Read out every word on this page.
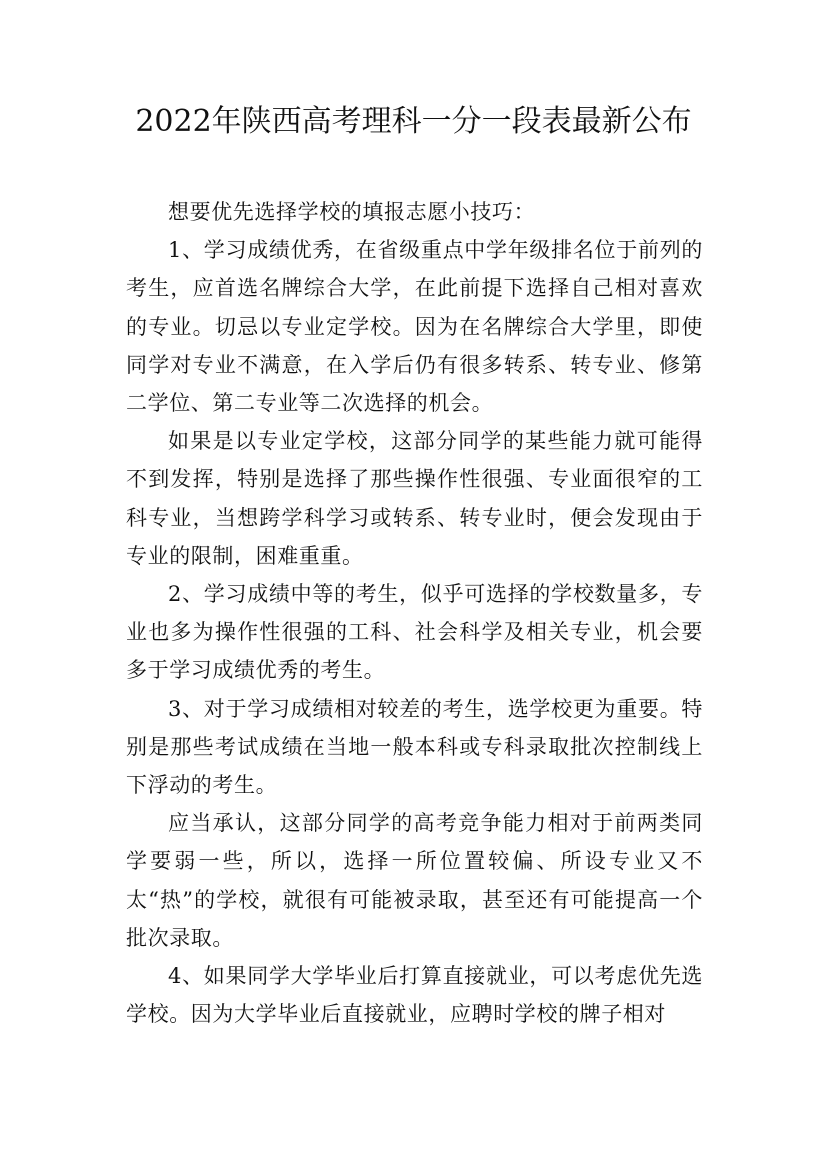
2022年陕西高考理科一分一段表最新公布

想要优先选择学校的填报志愿小技巧：

1、学习成绩优秀，在省级重点中学年级排名位于前列的考生，应首选名牌综合大学，在此前提下选择自己相对喜欢的专业。切忌以专业定学校。因为在名牌综合大学里，即使同学对专业不满意，在入学后仍有很多转系、转专业、修第二学位、第二专业等二次选择的机会。

如果是以专业定学校，这部分同学的某些能力就可能得不到发挥，特别是选择了那些操作性很强、专业面很窄的工科专业，当想跨学科学习或转系、转专业时，便会发现由于专业的限制，困难重重。

2、学习成绩中等的考生，似乎可选择的学校数量多，专业也多为操作性很强的工科、社会科学及相关专业，机会要多于学习成绩优秀的考生。

3、对于学习成绩相对较差的考生，选学校更为重要。特别是那些考试成绩在当地一般本科或专科录取批次控制线上下浮动的考生。

应当承认，这部分同学的高考竞争能力相对于前两类同学要弱一些，所以，选择一所位置较偏、所设专业又不太“热”的学校，就很有可能被录取，甚至还有可能提高一个批次录取。

4、如果同学大学毕业后打算直接就业，可以考虑优先选学校。因为大学毕业后直接就业，应聘时学校的牌子相对
